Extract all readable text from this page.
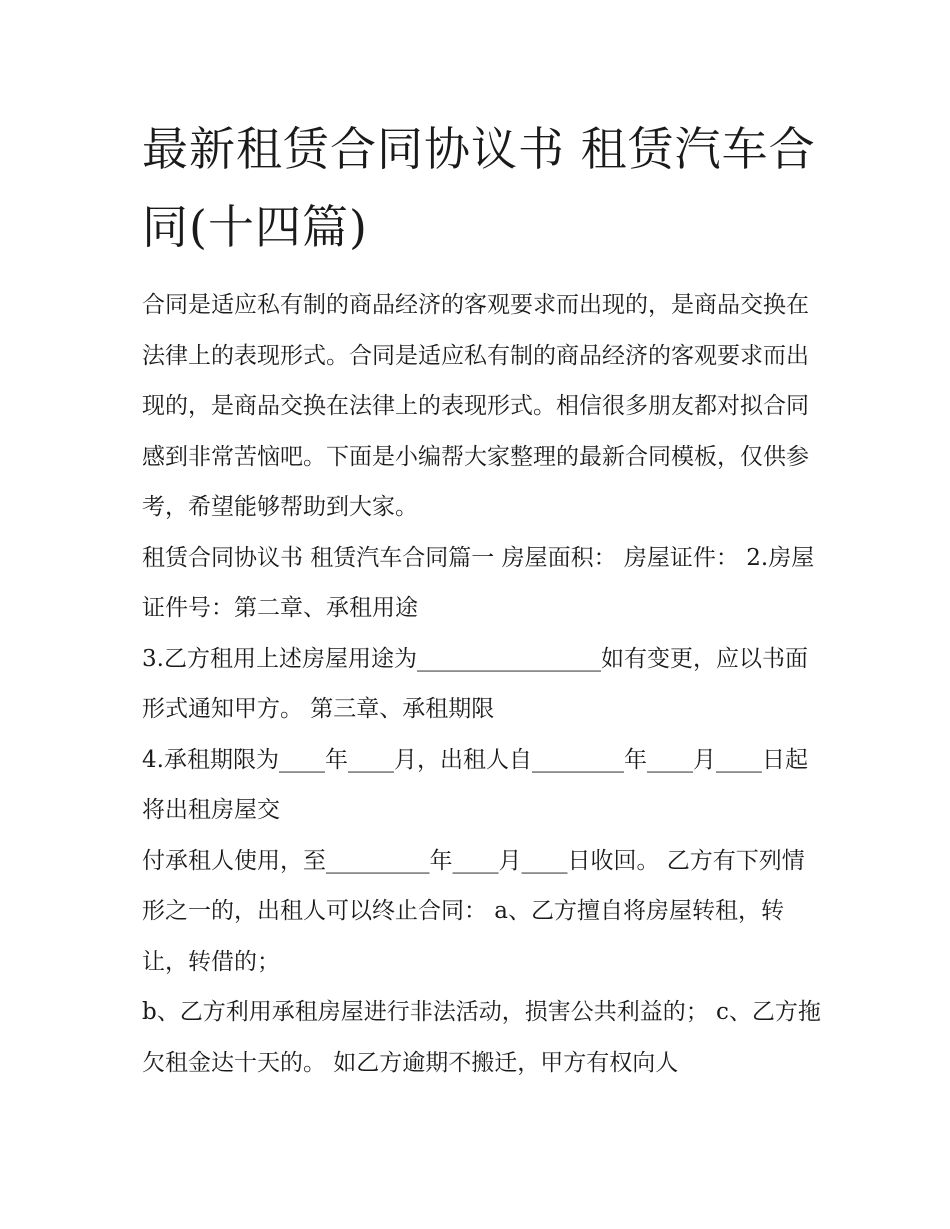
最新租赁合同协议书 租赁汽车合同(十四篇)

合同是适应私有制的商品经济的客观要求而出现的，是商品交换在法律上的表现形式。合同是适应私有制的商品经济的客观要求而出现的，是商品交换在法律上的表现形式。相信很多朋友都对拟合同感到非常苦恼吧。下面是小编帮大家整理的最新合同模板，仅供参考，希望能够帮助到大家。

租赁合同协议书 租赁汽车合同篇一 房屋面积： 房屋证件： 2.房屋证件号：第二章、承租用途

3.乙方租用上述房屋用途为________________如有变更，应以书面形式通知甲方。 第三章、承租期限

4.承租期限为____年____月，出租人自________年____月____日起将出租房屋交

付承租人使用，至_________年____月____日收回。 乙方有下列情形之一的，出租人可以终止合同： a、乙方擅自将房屋转租，转让，转借的；

b、乙方利用承租房屋进行非法活动，损害公共利益的； c、乙方拖欠租金达十天的。 如乙方逾期不搬迁，甲方有权向人
